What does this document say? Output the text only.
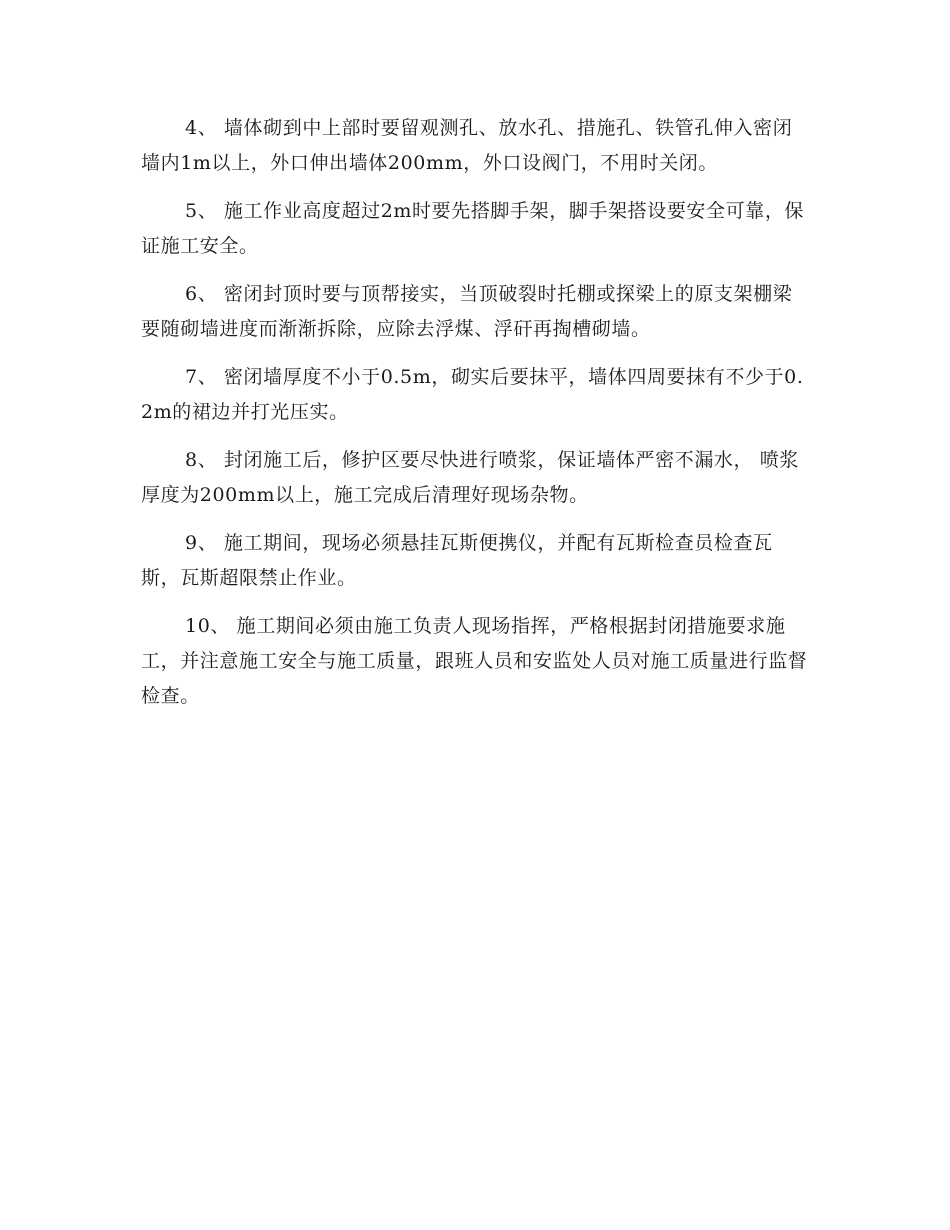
4、 墙体砌到中上部时要留观测孔、放水孔、措施孔、铁管孔伸入密闭墙内1m以上，外口伸出墙体200mm，外口设阀门，不用时关闭。

5、 施工作业高度超过2m时要先搭脚手架，脚手架搭设要安全可靠，保证施工安全。

6、 密闭封顶时要与顶帮接实，当顶破裂时托棚或探梁上的原支架棚梁要随砌墙进度而渐渐拆除，应除去浮煤、浮矸再掏槽砌墙。

7、 密闭墙厚度不小于0.5m，砌实后要抹平，墙体四周要抹有不少于0.2m的裙边并打光压实。

8、 封闭施工后，修护区要尽快进行喷浆，保证墙体严密不漏水， 喷浆厚度为200mm以上，施工完成后清理好现场杂物。

9、 施工期间，现场必须悬挂瓦斯便携仪，并配有瓦斯检查员检查瓦斯，瓦斯超限禁止作业。

10、 施工期间必须由施工负责人现场指挥，严格根据封闭措施要求施工，并注意施工安全与施工质量，跟班人员和安监处人员对施工质量进行监督检查。
